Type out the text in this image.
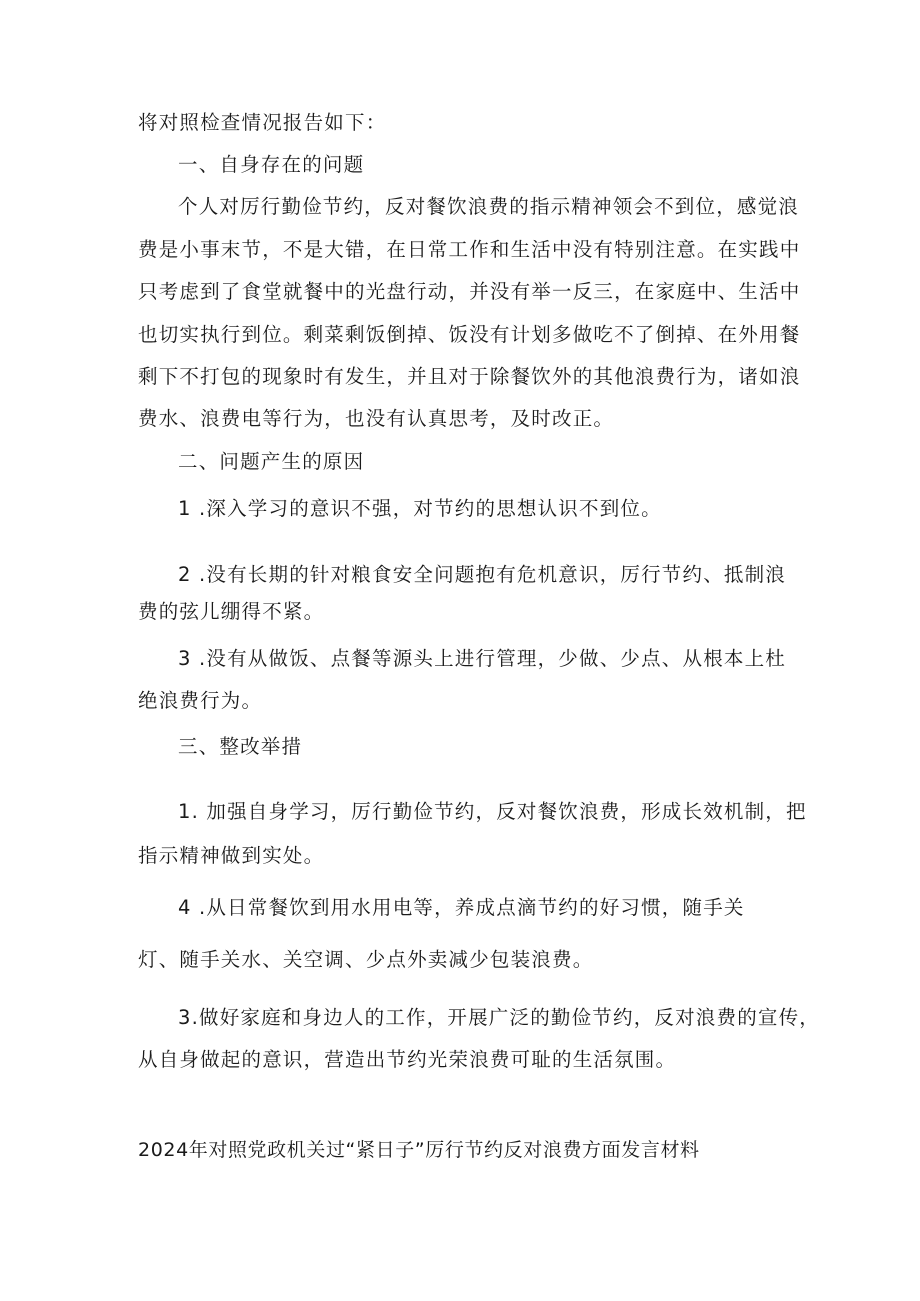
将对照检查情况报告如下：
一、自身存在的问题
个人对厉行勤俭节约，反对餐饮浪费的指示精神领会不到位，感觉浪
费是小事末节，不是大错，在日常工作和生活中没有特别注意。在实践中
只考虑到了食堂就餐中的光盘行动，并没有举一反三，在家庭中、生活中
也切实执行到位。剩菜剩饭倒掉、饭没有计划多做吃不了倒掉、在外用餐
剩下不打包的现象时有发生，并且对于除餐饮外的其他浪费行为，诸如浪
费水、浪费电等行为，也没有认真思考，及时改正。
二、问题产生的原因
1 .深入学习的意识不强，对节约的思想认识不到位。
2 .没有长期的针对粮食安全问题抱有危机意识，厉行节约、抵制浪
费的弦儿绷得不紧。
3 .没有从做饭、点餐等源头上进行管理，少做、少点、从根本上杜
绝浪费行为。
三、整改举措
1. 加强自身学习，厉行勤俭节约，反对餐饮浪费，形成长效机制，把
指示精神做到实处。
4 .从日常餐饮到用水用电等，养成点滴节约的好习惯，随手关
灯、随手关水、关空调、少点外卖减少包装浪费。
3.做好家庭和身边人的工作，开展广泛的勤俭节约，反对浪费的宣传，
从自身做起的意识，营造出节约光荣浪费可耻的生活氛围。
2024年对照党政机关过“紧日子”厉行节约反对浪费方面发言材料
